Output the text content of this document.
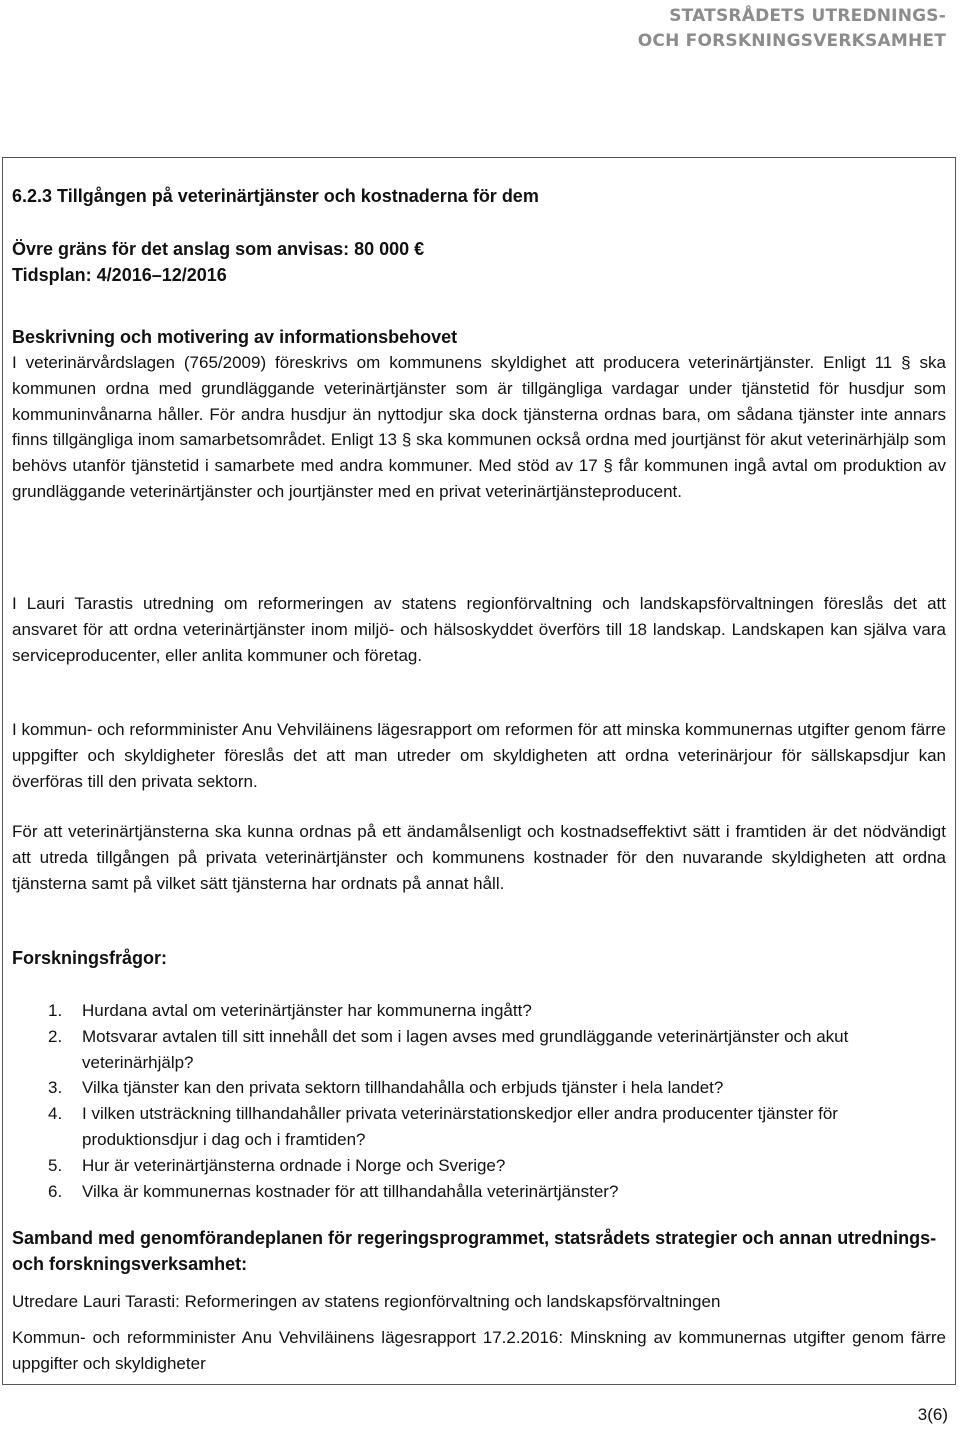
STATSRÅDETS UTREDNINGS-
OCH FORSKNINGSVERKSAMHET

6.2.3 Tillgången på veterinärtjänster och kostnaderna för dem

Övre gräns för det anslag som anvisas: 80 000 €

Tidsplan: 4/2016–12/2016

Beskrivning och motivering av informationsbehovet

I veterinärvårdslagen (765/2009) föreskrivs om kommunens skyldighet att producera veterinärtjänster. Enligt 11 § ska kommunen ordna med grundläggande veterinärtjänster som är tillgängliga vardagar under tjänstetid för husdjur som kommuninvånarna håller. För andra husdjur än nyttodjur ska dock tjänsterna ordnas bara, om sådana tjänster inte annars finns tillgängliga inom samarbetsområdet. Enligt 13 § ska kommunen också ordna med jourtjänst för akut veterinärhjälp som behövs utanför tjänstetid i samarbete med andra kommuner. Med stöd av 17 § får kommunen ingå avtal om produktion av grundläggande veterinärtjänster och jourtjänster med en privat veterinärtjänsteproducent.

I Lauri Tarastis utredning om reformeringen av statens regionförvaltning och landskapsförvaltningen föreslås det att ansvaret för att ordna veterinärtjänster inom miljö- och hälsoskyddet överförs till 18 landskap. Landskapen kan själva vara serviceproducenter, eller anlita kommuner och företag.

I kommun- och reformminister Anu Vehviläinens lägesrapport om reformen för att minska kommunernas utgifter genom färre uppgifter och skyldigheter föreslås det att man utreder om skyldigheten att ordna veterinärjour för sällskapsdjur kan överföras till den privata sektorn.

För att veterinärtjänsterna ska kunna ordnas på ett ändamålsenligt och kostnadseffektivt sätt i framtiden är det nödvändigt att utreda tillgången på privata veterinärtjänster och kommunens kostnader för den nuvarande skyldigheten att ordna tjänsterna samt på vilket sätt tjänsterna har ordnats på annat håll.

Forskningsfrågor:

1. Hurdana avtal om veterinärtjänster har kommunerna ingått?
2. Motsvarar avtalen till sitt innehåll det som i lagen avses med grundläggande veterinärtjänster och akut veterinärhjälp?
3. Vilka tjänster kan den privata sektorn tillhandahålla och erbjuds tjänster i hela landet?
4. I vilken utsträckning tillhandahåller privata veterinärstationskedjor eller andra producenter tjänster för produktionsdjur i dag och i framtiden?
5. Hur är veterinärtjänsterna ordnade i Norge och Sverige?
6. Vilka är kommunernas kostnader för att tillhandahålla veterinärtjänster?

Samband med genomförandeplanen för regeringsprogrammet, statsrådets strategier och annan utrednings- och forskningsverksamhet:

Utredare Lauri Tarasti: Reformeringen av statens regionförvaltning och landskapsförvaltningen

Kommun- och reformminister Anu Vehviläinens lägesrapport 17.2.2016: Minskning av kommunernas utgifter genom färre uppgifter och skyldigheter

3(6)
